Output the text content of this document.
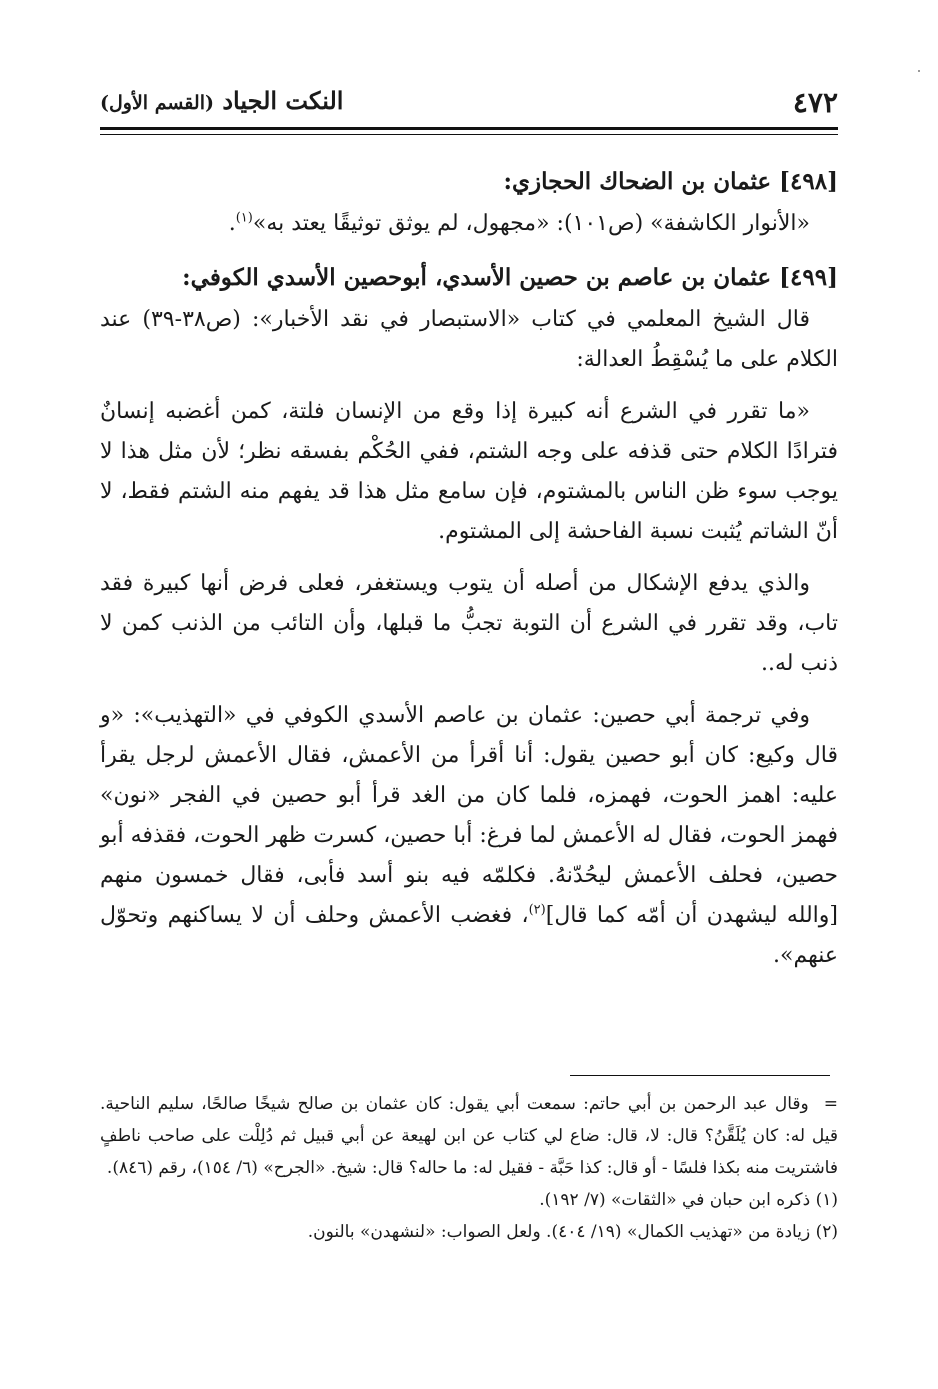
٤٧٢
النكت الجياد (القسم الأول)

[٤٩٨] عثمان بن الضحاك الحجازي:

«الأنوار الكاشفة» (ص١٠١): «مجهول، لم يوثق توثيقًا يعتد به»$^{(١)}$.

[٤٩٩] عثمان بن عاصم بن حصين الأسدي، أبوحصين الأسدي الكوفي:

قال الشيخ المعلمي في كتاب «الاستبصار في نقد الأخبار»: (ص٣٨-٣٩) عند الكلام على ما يُسْقِطُ العدالة:

«ما تقرر في الشرع أنه كبيرة إذا وقع من الإنسان فلتة، كمن أغضبه إنسانٌ فترادًا الكلام حتى قذفه على وجه الشتم، ففي الحُكْم بفسقه نظر؛ لأن مثل هذا لا يوجب سوء ظن الناس بالمشتوم، فإن سامع مثل هذا قد يفهم منه الشتم فقط، لا أنّ الشاتم يُثبت نسبة الفاحشة إلى المشتوم.

والذي يدفع الإشكال من أصله أن يتوب ويستغفر، فعلى فرض أنها كبيرة فقد تاب، وقد تقرر في الشرع أن التوبة تجبُّ ما قبلها، وأن التائب من الذنب كمن لا ذنب له..

وفي ترجمة أبي حصين: عثمان بن عاصم الأسدي الكوفي في «التهذيب»: «و قال وكيع: كان أبو حصين يقول: أنا أقرأ من الأعمش، فقال الأعمش لرجل يقرأ عليه: اهمز الحوت، فهمزه، فلما كان من الغد قرأ أبو حصين في الفجر «نون» فهمز الحوت، فقال له الأعمش لما فرغ: أبا حصين، كسرت ظهر الحوت، فقذفه أبو حصين، فحلف الأعمش ليحُدّنهُ. فكلمّه فيه بنو أسد فأبى، فقال خمسون منهم [والله ليشهدن أن أمّه كما قال]$^{(٢)}$، فغضب الأعمش وحلف أن لا يساكنهم وتحوّل عنهم».

= وقال عبد الرحمن بن أبي حاتم: سمعت أبي يقول: كان عثمان بن صالح شيخًا صالحًا، سليم الناحية. قيل له: كان يُلَقَّنُ؟ قال: لا، قال: ضاع لي كتاب عن ابن لهيعة عن أبي قبيل ثم دُلِلْت على صاحب ناطفٍ فاشتريت منه بكذا فلسًا - أو قال: كذا حَبَّة - فقيل له: ما حاله؟ قال: شيخ. «الجرح» (٦/ ١٥٤)، رقم (٨٤٦).

(١) ذكره ابن حبان في «الثقات» (٧/ ١٩٢).

(٢) زيادة من «تهذيب الكمال» (١٩/ ٤٠٤). ولعل الصواب: «لنشهدن» بالنون.
